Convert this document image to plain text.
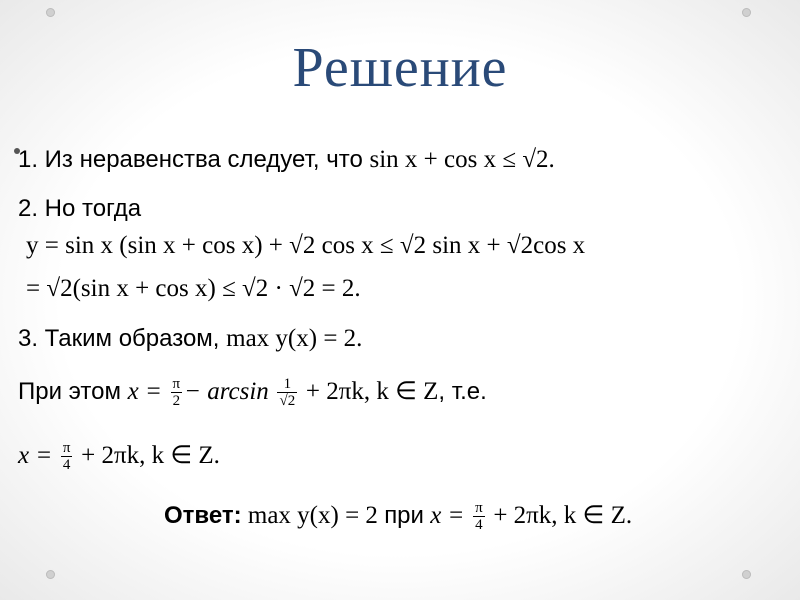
Решение
1. Из неравенства следует, что sin x + cos x ≤ √2.
2. Но тогда
y = sin x (sin x + cos x) + √2 cos x ≤ √2 sin x + √2cos x
= √2(sin x + cos x) ≤ √2 · √2 = 2.
3. Таким образом, max y(x) = 2.
При этом $x = \frac{\pi}{2} - \arcsin \frac{1}{√2} + 2\pi k$, k ∈ Z, т.е.
$x = \frac{\pi}{4} + 2\pi k$, k ∈ Z.
Ответ: max y(x) = 2 при $x = \frac{\pi}{4} + 2\pi k$, k ∈ Z.
